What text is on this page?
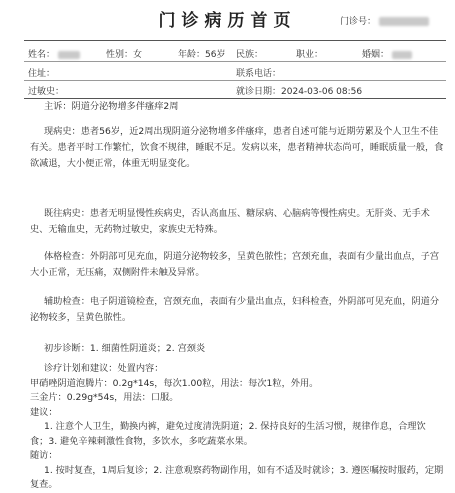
门诊病历首页	门诊号：
姓名：	性别：女	年龄：56岁 民族：	职业：	婚姻：
住址：	联系电话：
过敏史：	就诊日期：2024-03-06 08:56

主诉：阴道分泌物增多伴瘙痒2周

现病史：患者56岁，近2周出现阴道分泌物增多伴瘙痒，患者自述可能与近期劳累及个人卫生不佳有关。患者平时工作繁忙，饮食不规律，睡眠不足。发病以来，患者精神状态尚可，睡眠质量一般，食欲减退，大小便正常，体重无明显变化。

既往病史：患者无明显慢性疾病史，否认高血压、糖尿病、心脑病等慢性病史。无肝炎、无手术史、无输血史，无药物过敏史，家族史无特殊。

体格检查：外阴部可见充血，阴道分泌物较多，呈黄色脓性；宫颈充血，表面有少量出血点，子宫大小正常，无压痛，双侧附件未触及异常。

辅助检查：电子阴道镜检查，宫颈充血，表面有少量出血点，妇科检查，外阴部可见充血，阴道分泌物较多，呈黄色脓性。

初步诊断：1. 细菌性阴道炎；2. 宫颈炎

诊疗计划和建议：处置内容：

甲硝唑阴道泡腾片：0.2g*14s，每次1.00粒，用法：每次1粒，外用。

三金片：0.29g*54s，用法：口服。

建议：

1. 注意个人卫生，勤换内裤，避免过度清洗阴道；2. 保持良好的生活习惯，规律作息，合理饮食；3. 避免辛辣刺激性食物，多饮水，多吃蔬菜水果。

随访：

1. 按时复查，1周后复诊；2. 注意观察药物副作用，如有不适及时就诊；3. 遵医嘱按时服药，定期复查。
